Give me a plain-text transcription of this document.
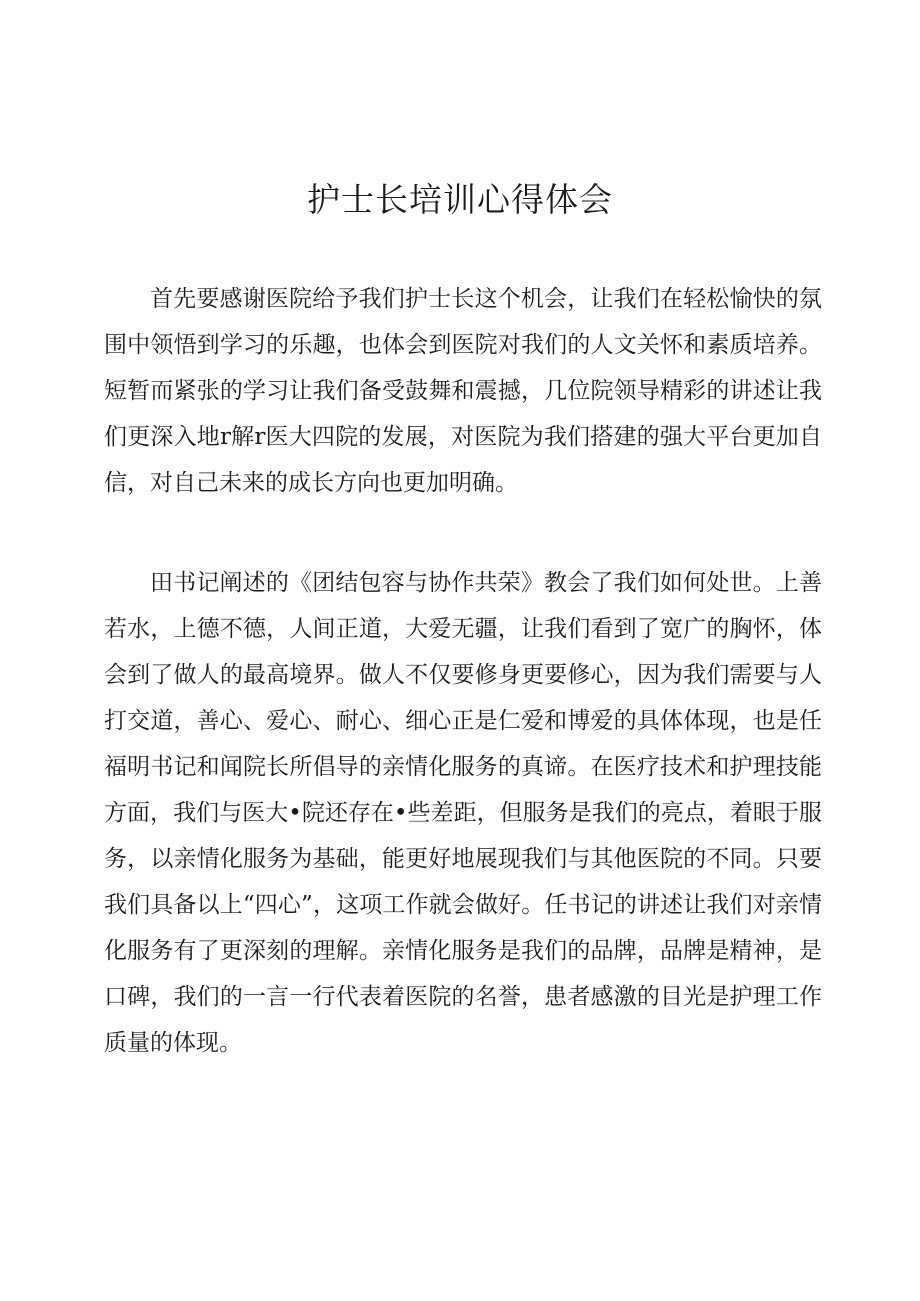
护士长培训心得体会

首先要感谢医院给予我们护士长这个机会，让我们在轻松愉快的氛围中领悟到学习的乐趣，也体会到医院对我们的人文关怀和素质培养。短暂而紧张的学习让我们备受鼓舞和震撼，几位院领导精彩的讲述让我们更深入地r解r医大四院的发展，对医院为我们搭建的强大平台更加自信，对自己未来的成长方向也更加明确。

田书记阐述的《团结包容与协作共荣》教会了我们如何处世。上善若水，上德不德，人间正道，大爱无疆，让我们看到了宽广的胸怀，体会到了做人的最高境界。做人不仅要修身更要修心，因为我们需要与人打交道，善心、爱心、耐心、细心正是仁爱和博爱的具体体现，也是任福明书记和闻院长所倡导的亲情化服务的真谛。在医疗技术和护理技能方面，我们与医大•院还存在•些差距，但服务是我们的亮点，着眼于服务，以亲情化服务为基础，能更好地展现我们与其他医院的不同。只要我们具备以上“四心”，这项工作就会做好。任书记的讲述让我们对亲情化服务有了更深刻的理解。亲情化服务是我们的品牌，品牌是精神，是口碑，我们的一言一行代表着医院的名誉，患者感激的目光是护理工作质量的体现。
